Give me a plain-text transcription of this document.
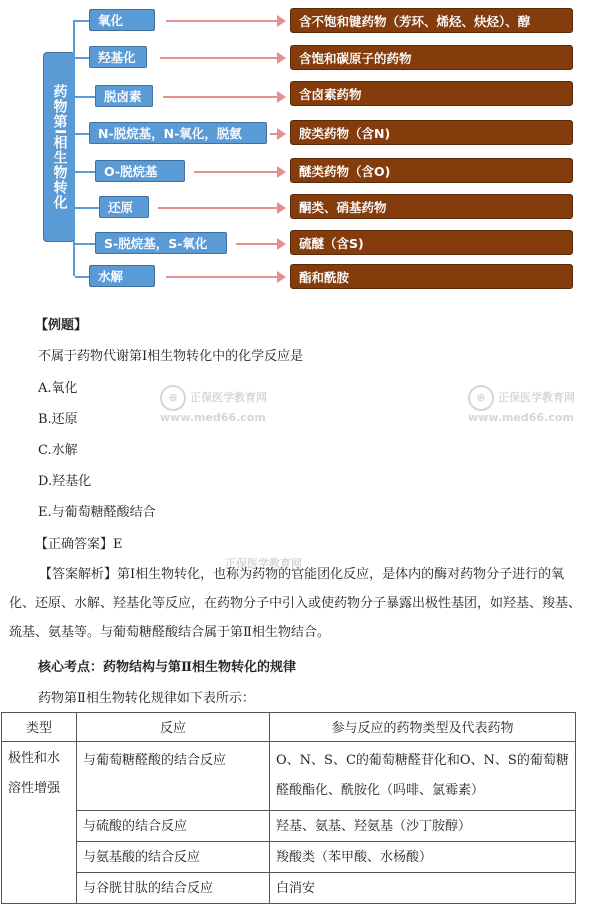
药物第I相生物转化
氧化	含不饱和键药物（芳环、烯烃、炔烃）、醇
羟基化	含饱和碳原子的药物
脱卤素	含卤素药物
N-脱烷基，N-氧化，脱氨	胺类药物（含N)
O-脱烷基	醚类药物（含O)
还原	酮类、硝基药物
S-脱烷基，S-氧化	硫醚（含S)
水解	酯和酰胺
⊕ 正保医学教育网
www.med66.com
⊕ 正保医学教育网
www.med66.com
正保医学教育网
【例题】
不属于药物代谢第Ⅰ相生物转化中的化学反应是
A.氧化
B.还原
C.水解
D.羟基化
E.与葡萄糖醛酸结合
【正确答案】E
【答案解析】第Ⅰ相生物转化，也称为药物的官能团化反应，是体内的酶对药物分子进行的氧化、还原、水解、羟基化等反应，在药物分子中引入或使药物分子暴露出极性基团，如羟基、羧基、巯基、氨基等。与葡萄糖醛酸结合属于第Ⅱ相生物结合。
核心考点：药物结构与第Ⅱ相生物转化的规律
药物第Ⅱ相生物转化规律如下表所示：
类型	反应	参与反应的药物类型及代表药物
极性和水溶性增强	与葡萄糖醛酸的结合反应	O、N、S、C的葡萄糖醛苷化和O、N、S的葡萄糖醛酸酯化、酰胺化（吗啡、氯霉素）
	与硫酸的结合反应	羟基、氨基、羟氨基（沙丁胺醇）
	与氨基酸的结合反应	羧酸类（苯甲酸、水杨酸）
	与谷胱甘肽的结合反应	白消安
